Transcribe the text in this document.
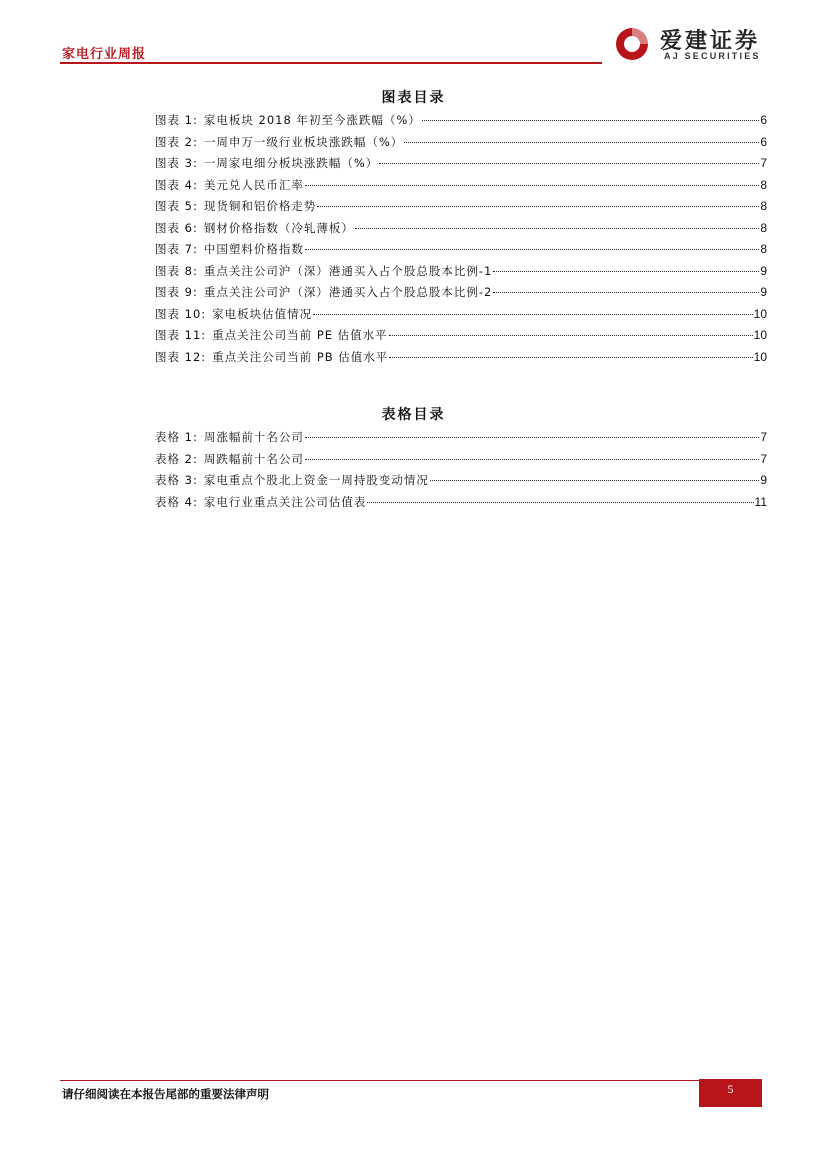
家电行业周报
爱建证券
AJ SECURITIES
图表目录
图表 1: 家电板块 2018 年初至今涨跌幅（%）	6
图表 2: 一周申万一级行业板块涨跌幅（%）	6
图表 3: 一周家电细分板块涨跌幅（%）	7
图表 4: 美元兑人民币汇率	8
图表 5: 现货铜和铝价格走势	8
图表 6: 钢材价格指数（冷轧薄板）	8
图表 7: 中国塑料价格指数	8
图表 8: 重点关注公司沪（深）港通买入占个股总股本比例-1	9
图表 9: 重点关注公司沪（深）港通买入占个股总股本比例-2	9
图表 10: 家电板块估值情况	10
图表 11: 重点关注公司当前 PE 估值水平	10
图表 12: 重点关注公司当前 PB 估值水平	10
表格目录
表格 1: 周涨幅前十名公司	7
表格 2: 周跌幅前十名公司	7
表格 3: 家电重点个股北上资金一周持股变动情况	9
表格 4: 家电行业重点关注公司估值表	11
请仔细阅读在本报告尾部的重要法律声明	5
